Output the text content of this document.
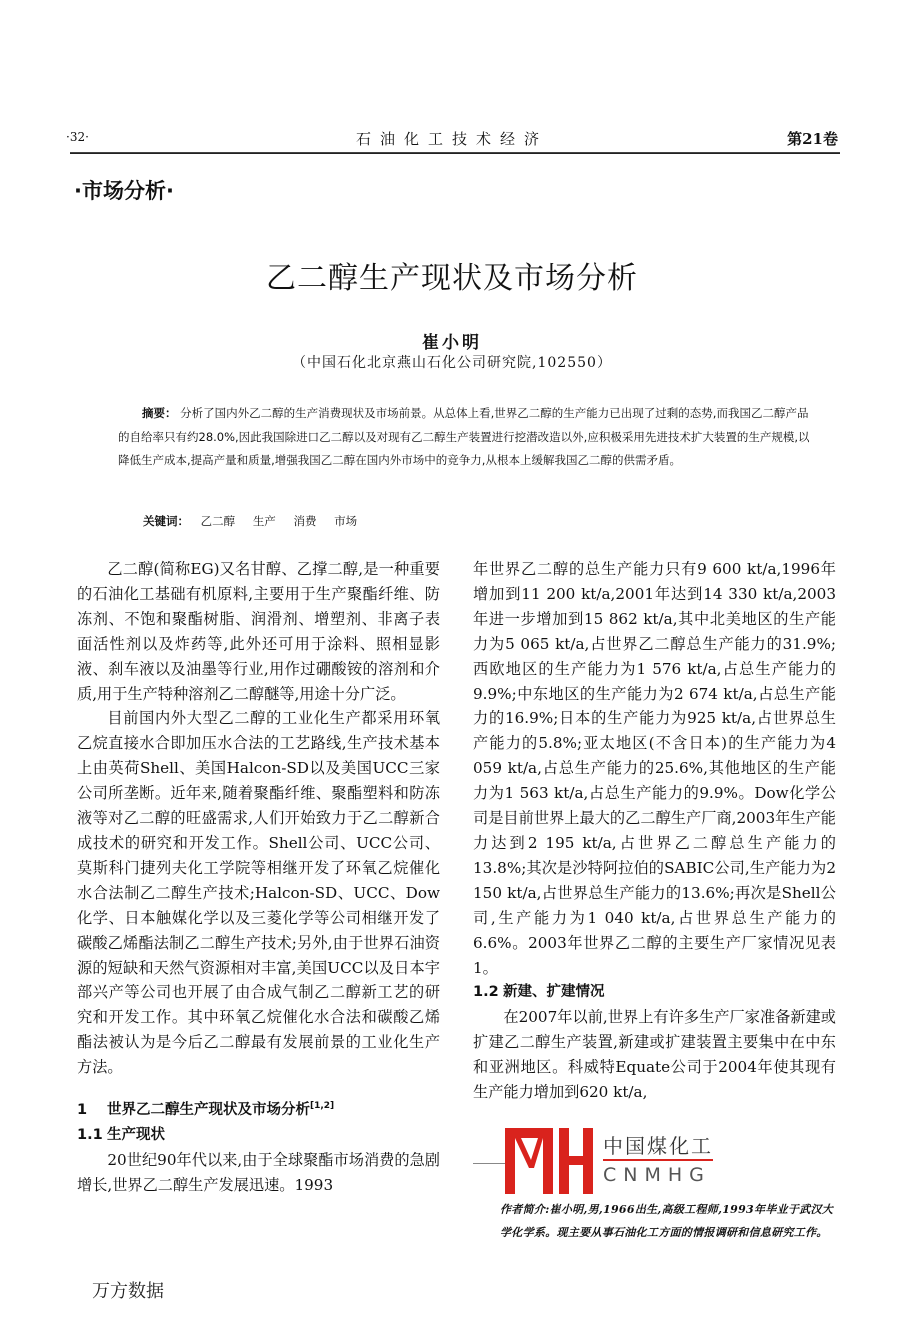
·32·	石油化工技术经济	第21卷
·市场分析·
乙二醇生产现状及市场分析
崔小明
（中国石化北京燕山石化公司研究院,102550）
摘要： 分析了国内外乙二醇的生产消费现状及市场前景。从总体上看,世界乙二醇的生产能力已出现了过剩的态势,而我国乙二醇产品的自给率只有约28.0%,因此我国除进口乙二醇以及对现有乙二醇生产装置进行挖潜改造以外,应积极采用先进技术扩大装置的生产规模,以降低生产成本,提高产量和质量,增强我国乙二醇在国内外市场中的竞争力,从根本上缓解我国乙二醇的供需矛盾。
关键词： 乙二醇 生产 消费 市场

乙二醇(简称EG)又名甘醇、乙撑二醇,是一种重要的石油化工基础有机原料,主要用于生产聚酯纤维、防冻剂、不饱和聚酯树脂、润滑剂、增塑剂、非离子表面活性剂以及炸药等,此外还可用于涂料、照相显影液、刹车液以及油墨等行业,用作过硼酸铵的溶剂和介质,用于生产特种溶剂乙二醇醚等,用途十分广泛。

目前国内外大型乙二醇的工业化生产都采用环氧乙烷直接水合即加压水合法的工艺路线,生产技术基本上由英荷Shell、美国Halcon-SD以及美国UCC三家公司所垄断。近年来,随着聚酯纤维、聚酯塑料和防冻液等对乙二醇的旺盛需求,人们开始致力于乙二醇新合成技术的研究和开发工作。Shell公司、UCC公司、莫斯科门捷列夫化工学院等相继开发了环氧乙烷催化水合法制乙二醇生产技术;Halcon-SD、UCC、Dow化学、日本触媒化学以及三菱化学等公司相继开发了碳酸乙烯酯法制乙二醇生产技术;另外,由于世界石油资源的短缺和天然气资源相对丰富,美国UCC以及日本宇部兴产等公司也开展了由合成气制乙二醇新工艺的研究和开发工作。其中环氧乙烷催化水合法和碳酸乙烯酯法被认为是今后乙二醇最有发展前景的工业化生产方法。

1 世界乙二醇生产现状及市场分析[1,2]
1.1 生产现状

20世纪90年代以来,由于全球聚酯市场消费的急剧增长,世界乙二醇生产发展迅速。1993

年世界乙二醇的总生产能力只有9 600 kt/a,1996年增加到11 200 kt/a,2001年达到14 330 kt/a,2003年进一步增加到15 862 kt/a,其中北美地区的生产能力为5 065 kt/a,占世界乙二醇总生产能力的31.9%;西欧地区的生产能力为1 576 kt/a,占总生产能力的9.9%;中东地区的生产能力为2 674 kt/a,占总生产能力的16.9%;日本的生产能力为925 kt/a,占世界总生产能力的5.8%;亚太地区(不含日本)的生产能力为4 059 kt/a,占总生产能力的25.6%,其他地区的生产能力为1 563 kt/a,占总生产能力的9.9%。Dow化学公司是目前世界上最大的乙二醇生产厂商,2003年生产能力达到2 195 kt/a,占世界乙二醇总生产能力的13.8%;其次是沙特阿拉伯的SABIC公司,生产能力为2 150 kt/a,占世界总生产能力的13.6%;再次是Shell公司,生产能力为1 040 kt/a,占世界总生产能力的6.6%。2003年世界乙二醇的主要生产厂家情况见表1。

1.2 新建、扩建情况

在2007年以前,世界上有许多生产厂家准备新建或扩建乙二醇生产装置,新建或扩建装置主要集中在中东和亚洲地区。科威特Equate公司于2004年使其现有生产能力增加到620 kt/a,

作者简介:崔小明,男,1966出生,高级工程师,1993年毕业于武汉大学化学系。现主要从事石油化工方面的情报调研和信息研究工作。
中国煤化工
CNMHG
万方数据
